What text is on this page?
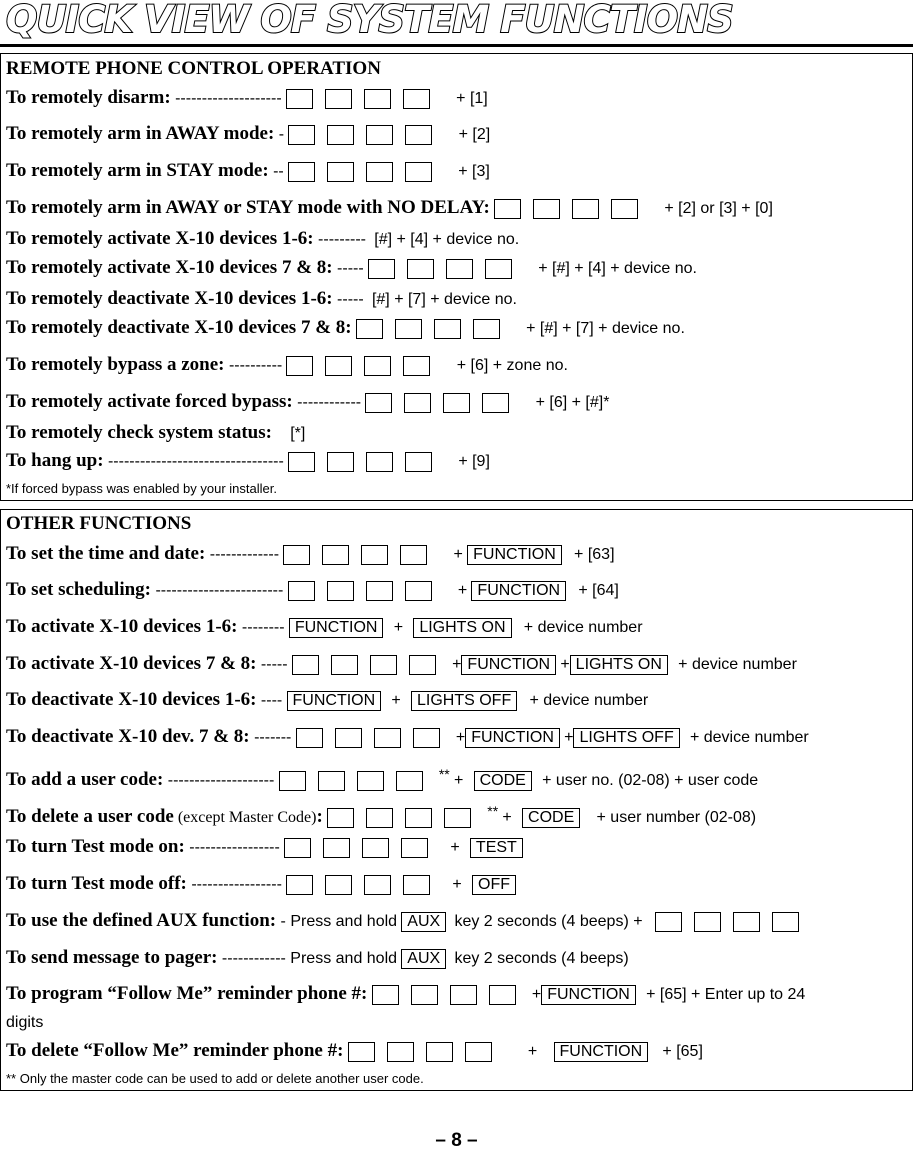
QUICK VIEW OF SYSTEM FUNCTIONS
REMOTE PHONE CONTROL OPERATION
To remotely disarm: --------------------	+ [1]
To remotely arm in AWAY mode: -	+ [2]
To remotely arm in STAY mode: --	+ [3]
To remotely arm in AWAY or STAY mode with NO DELAY:	+ [2] or [3] + [0]
To remotely activate X-10 devices 1-6: --------- [#] + [4] + device no.
To remotely activate X-10 devices 7 & 8: -----	+ [#] + [4] + device no.
To remotely deactivate X-10 devices 1-6: ----- [#] + [7] + device no.
To remotely deactivate X-10 devices 7 & 8:	+ [#] + [7] + device no.
To remotely bypass a zone: ----------	+ [6] + zone no.
To remotely activate forced bypass: ------------	+ [6] + [#]*
To remotely check system status: [*]
To hang up: ---------------------------------	+ [9]
*If forced bypass was enabled by your installer.
OTHER FUNCTIONS
To set the time and date: -------------	+ FUNCTION + [63]
To set scheduling: ------------------------	+ FUNCTION + [64]
To activate X-10 devices 1-6: -------- FUNCTION + LIGHTS ON + device number
To activate X-10 devices 7 & 8: -----	+ FUNCTION + LIGHTS ON + device number
To deactivate X-10 devices 1-6: ---- FUNCTION + LIGHTS OFF + device number
To deactivate X-10 dev. 7 & 8: -------	+ FUNCTION + LIGHTS OFF + device number
To add a user code: --------------------	** + CODE + user no. (02-08) + user code
To delete a user code (except Master Code):	** + CODE + user number (02-08)
To turn Test mode on: -----------------	+ TEST
To turn Test mode off: -----------------	+ OFF
To use the defined AUX function: - Press and hold AUX key 2 seconds (4 beeps) +
To send message to pager: ------------ Press and hold AUX key 2 seconds (4 beeps)
To program “Follow Me” reminder phone #:	+ FUNCTION + [65] + Enter up to 24
digits
To delete “Follow Me” reminder phone #:	+ FUNCTION + [65]
** Only the master code can be used to add or delete another user code.
– 8 –
